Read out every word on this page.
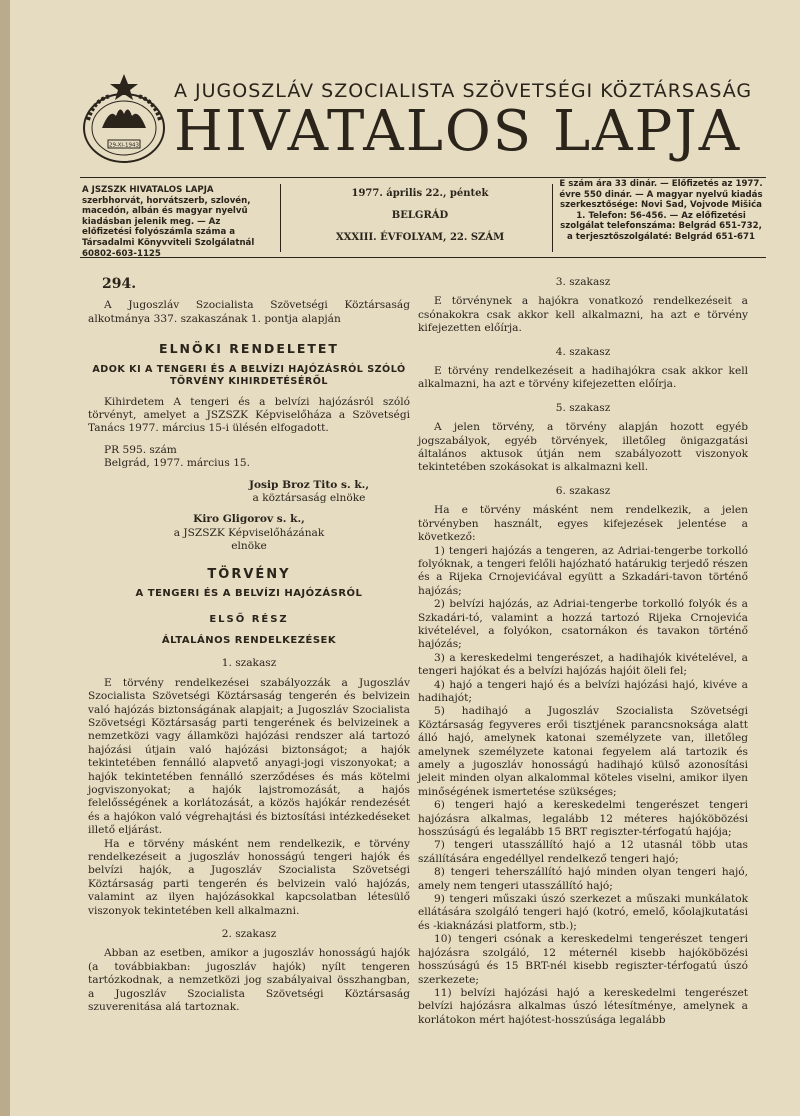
29-XI-1943
A JUGOSZLÁV SZOCIALISTA SZÖVETSÉGI KÖZTÁRSASÁG
HIVATALOS LAPJA
A JSZSZK HIVATALOS LAPJA szerbhorvát, horvátszerb, szlovén, macedón, albán és magyar nyelvű kiadásban jelenik meg. — Az előfizetési folyószámla száma a Társadalmi Könyvviteli Szolgálatnál 60802-603-1125
1977. április 22., péntek
BELGRÁD
XXXIII. ÉVFOLYAM, 22. SZÁM
E szám ára 33 dinár. — Előfizetés az 1977. évre 550 dinár. — A magyar nyelvű kiadás szerkesztősége: Novi Sad, Vojvode Mišića 1. Telefon: 56-456. — Az előfizetési szolgálat telefonszáma: Belgrád 651-732, a terjesztőszolgálaté: Belgrád 651-671
294.

A Jugoszláv Szocialista Szövetségi Köztársaság alkotmánya 337. szakaszának 1. pontja alapján

ELNÖKI RENDELETET
ADOK KI A TENGERI ÉS A BELVÍZI HAJÓZÁSRÓL SZÓLÓ TÖRVÉNY KIHIRDETÉSÉRŐL

Kihirdetem A tengeri és a belvízi hajózásról szóló törvényt, amelyet a JSZSZK Képviselőháza a Szövetségi Tanács 1977. március 15-i ülésén elfogadott.

PR 595. szám

Belgrád, 1977. március 15.

Josip Broz Tito s. k.,

a köztársaság elnöke

Kiro Gligorov s. k.,

a JSZSZK Képviselőházának

elnöke

TÖRVÉNY
A TENGERI ÉS A BELVÍZI HAJÓZÁSRÓL
ELSŐ RÉSZ
ÁLTALÁNOS RENDELKEZÉSEK
1. szakasz

E törvény rendelkezései szabályozzák a Jugoszláv Szocialista Szövetségi Köztársaság tengerén és belvizein való hajózás biztonságának alapjait; a Jugoszláv Szocialista Szövetségi Köztársaság parti tengerének és belvizeinek a nemzetközi vagy államközi hajózási rendszer alá tartozó hajózási útjain való hajózási biztonságot; a hajók tekintetében fennálló alapvető anyagi-jogi viszonyokat; a hajók tekintetében fennálló szerződéses és más kötelmi jogviszonyokat; a hajók lajstromozását, a hajós felelősségének a korlátozását, a közös hajókár rendezését és a hajókon való végrehajtási és biztosítási intézkedéseket illető eljárást.

Ha e törvény másként nem rendelkezik, e törvény rendelkezéseit a jugoszláv honosságú tengeri hajók és belvízi hajók, a Jugoszláv Szocialista Szövetségi Köztársaság parti tengerén és belvizein való hajózás, valamint az ilyen hajózásokkal kapcsolatban létesülő viszonyok tekintetében kell alkalmazni.

2. szakasz

Abban az esetben, amikor a jugoszláv honosságú hajók (a továbbiakban: jugoszláv hajók) nyílt tengeren tartózkodnak, a nemzetközi jog szabályaival összhangban, a Jugoszláv Szocialista Szövetségi Köztársaság szuverenitása alá tartoznak.

3. szakasz

E törvénynek a hajókra vonatkozó rendelkezéseit a csónakokra csak akkor kell alkalmazni, ha azt e törvény kifejezetten előírja.

4. szakasz

E törvény rendelkezéseit a hadihajókra csak akkor kell alkalmazni, ha azt e törvény kifejezetten előírja.

5. szakasz

A jelen törvény, a törvény alapján hozott egyéb jogszabályok, egyéb törvények, illetőleg önigazgatási általános aktusok útján nem szabályozott viszonyok tekintetében szokásokat is alkalmazni kell.

6. szakasz

Ha e törvény másként nem rendelkezik, a jelen törvényben használt, egyes kifejezések jelentése a következő:

1) tengeri hajózás a tengeren, az Adriai-tengerbe torkolló folyóknak, a tengeri felőli hajózható határukig terjedő részen és a Rijeka Crnojevićával együtt a Szkadári-tavon történő hajózás;

2) belvízi hajózás, az Adriai-tengerbe torkolló folyók és a Szkadári-tó, valamint a hozzá tartozó Rijeka Crnojevića kivételével, a folyókon, csatornákon és tavakon történő hajózás;

3) a kereskedelmi tengerészet, a hadihajók kivételével, a tengeri hajókat és a belvízi hajózás hajóit öleli fel;

4) hajó a tengeri hajó és a belvízi hajózási hajó, kivéve a hadihajót;

5) hadihajó a Jugoszláv Szocialista Szövetségi Köztársaság fegyveres erői tisztjének parancsnoksága alatt álló hajó, amelynek katonai személyzete van, illetőleg amelynek személyzete katonai fegyelem alá tartozik és amely a jugoszláv honosságú hadihajó külső azonosítási jeleit minden olyan alkalommal köteles viselni, amikor ilyen minőségének ismertetése szükséges;

6) tengeri hajó a kereskedelmi tengerészet tengeri hajózásra alkalmas, legalább 12 méteres hajóköbözési hosszúságú és legalább 15 BRT regiszter-térfogatú hajója;

7) tengeri utasszállító hajó a 12 utasnál több utas szállítására engedéllyel rendelkező tengeri hajó;

8) tengeri teherszállító hajó minden olyan tengeri hajó, amely nem tengeri utasszállító hajó;

9) tengeri műszaki úszó szerkezet a műszaki munkálatok ellátására szolgáló tengeri hajó (kotró, emelő, kőolajkutatási és -kiaknázási platform, stb.);

10) tengeri csónak a kereskedelmi tengerészet tengeri hajózásra szolgáló, 12 méternél kisebb hajóköbözési hosszúságú és 15 BRT-nél kisebb regiszter-térfogatú úszó szerkezete;

11) belvízi hajózási hajó a kereskedelmi tengerészet belvízi hajózásra alkalmas úszó létesítménye, amelynek a korlátokon mért hajótest-hosszúsága legalább
